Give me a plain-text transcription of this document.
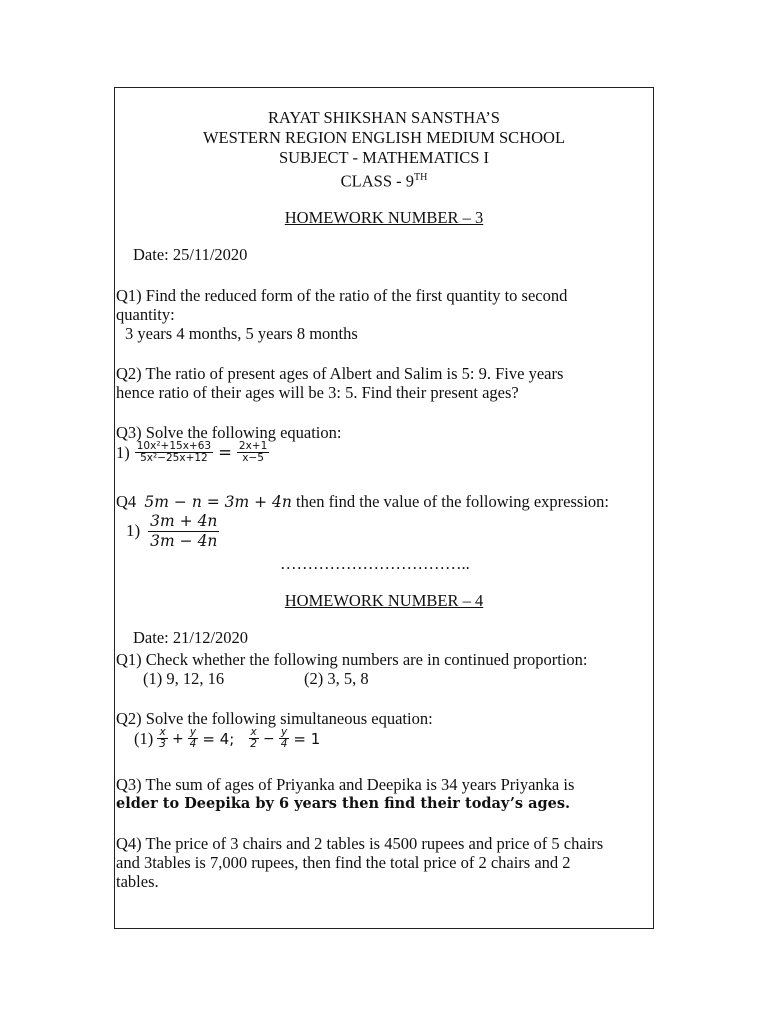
RAYAT SHIKSHAN SANSTHA’S
WESTERN REGION ENGLISH MEDIUM SCHOOL
SUBJECT - MATHEMATICS I
CLASS - 9TH
HOMEWORK NUMBER – 3
Date: 25/11/2020
Q1) Find the reduced form of the ratio of the first quantity to second
quantity:
3 years 4 months, 5 years 8 months
Q2) The ratio of present ages of Albert and Salim is 5: 9. Five years
hence ratio of their ages will be 3: 5. Find their present ages?
Q3) Solve the following equation:
$1) \frac{\text{10x²+15x+63}}{\text{5x²−25x+12}} = \frac{2x+1}{x-5}$
Q4 5m − n = 3m + 4n then find the value of the following expression:
$1) \frac{3m + 4n}{3m - 4n}$
……………………………..
HOMEWORK NUMBER – 4
Date: 21/12/2020
Q1) Check whether the following numbers are in continued proportion:
(1) 9, 12, 16	(2) 3, 5, 8
Q2) Solve the following simultaneous equation:
$(1) \frac{x}{3} + \frac{y}{4} = 4$; $\frac{x}{2} - \frac{y}{4} = 1$
Q3) The sum of ages of Priyanka and Deepika is 34 years Priyanka is
elder to Deepika by 6 years then find their today’s ages.
Q4) The price of 3 chairs and 2 tables is 4500 rupees and price of 5 chairs
and 3tables is 7,000 rupees, then find the total price of 2 chairs and 2
tables.
